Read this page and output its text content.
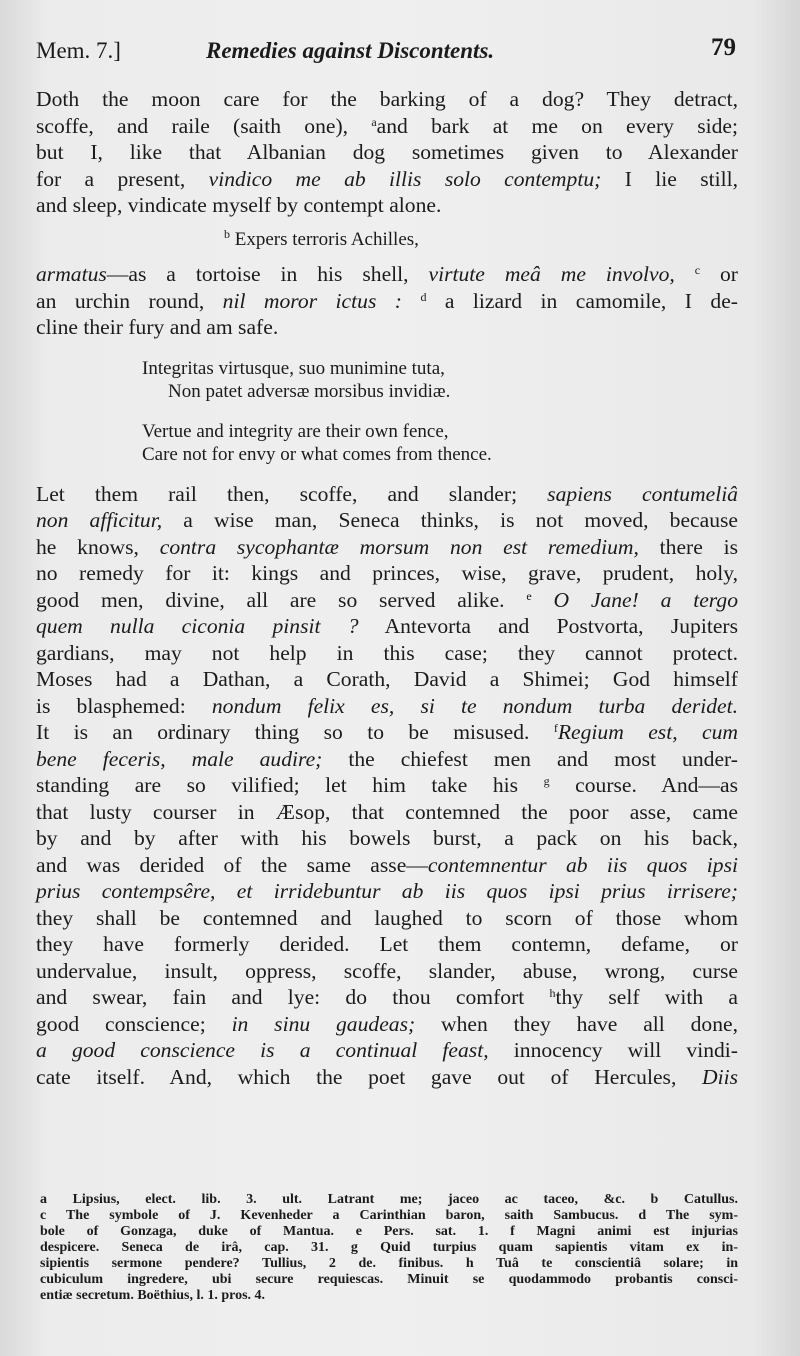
Mem. 7.]	Remedies against Discontents.	79
Doth the moon care for the barking of a dog? They detract,
scoffe, and raile (saith one), $^a$and bark at me on every side;
but I, like that Albanian dog sometimes given to Alexander
for a present, vindico me ab illis solo contemptu; I lie still,
and sleep, vindicate myself by contempt alone.
$^b$ Expers terroris Achilles,
armatus—as a tortoise in his shell, virtute meâ me involvo, $^c$ or
an urchin round, nil moror ictus : $^d$ a lizard in camomile, I de-
cline their fury and am safe.
Integritas virtusque, suo munimine tuta,
Non patet adversæ morsibus invidiæ.
Vertue and integrity are their own fence,
Care not for envy or what comes from thence.
Let them rail then, scoffe, and slander; sapiens contumeliâ
non afficitur, a wise man, Seneca thinks, is not moved, because
he knows, contra sycophantæ morsum non est remedium, there is
no remedy for it: kings and princes, wise, grave, prudent, holy,
good men, divine, all are so served alike. $^e$ O Jane! a tergo
quem nulla ciconia pinsit ? Antevorta and Postvorta, Jupiters
gardians, may not help in this case; they cannot protect.
Moses had a Dathan, a Corath, David a Shimei; God himself
is blasphemed: nondum felix es, si te nondum turba deridet.
It is an ordinary thing so to be misused. $^f$Regium est, cum
bene feceris, male audire; the chiefest men and most under-
standing are so vilified; let him take his $^g$ course. And—as
that lusty courser in Æsop, that contemned the poor asse, came
by and by after with his bowels burst, a pack on his back,
and was derided of the same asse—contemnentur ab iis quos ipsi
prius contempsêre, et irridebuntur ab iis quos ipsi prius irrisere;
they shall be contemned and laughed to scorn of those whom
they have formerly derided. Let them contemn, defame, or
undervalue, insult, oppress, scoffe, slander, abuse, wrong, curse
and swear, fain and lye: do thou comfort $^h$thy self with a
good conscience; in sinu gaudeas; when they have all done,
a good conscience is a continual feast, innocency will vindi-
cate itself. And, which the poet gave out of Hercules, Diis
a Lipsius, elect. lib. 3. ult. Latrant me; jaceo ac taceo, &c. b Catullus.
c The symbole of J. Kevenheder a Carinthian baron, saith Sambucus. d The sym-
bole of Gonzaga, duke of Mantua. e Pers. sat. 1. f Magni animi est injurias
despicere. Seneca de irâ, cap. 31. g Quid turpius quam sapientis vitam ex in-
sipientis sermone pendere? Tullius, 2 de. finibus. h Tuâ te conscientiâ solare; in
cubiculum ingredere, ubi secure requiescas. Minuit se quodammodo probantis consci-
entiæ secretum. Boëthius, l. 1. pros. 4.
